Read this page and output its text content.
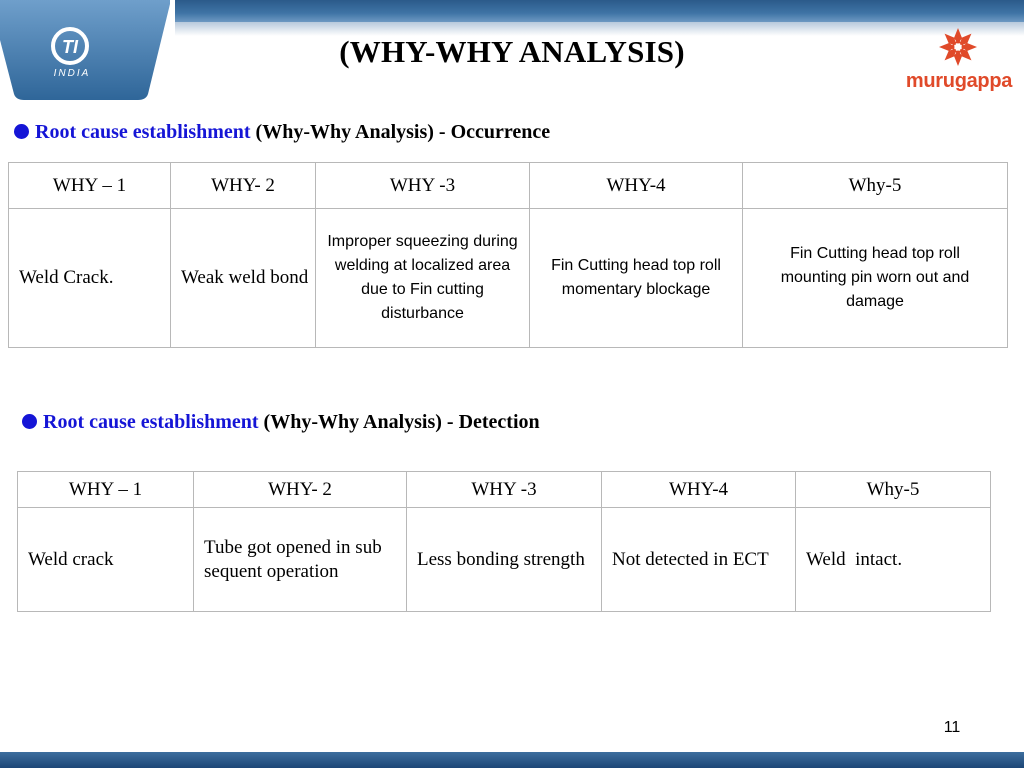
TI
INDIA
(WHY-WHY ANALYSIS)
murugappa
Root cause establishment (Why-Why Analysis) - Occurrence
WHY – 1	WHY- 2	WHY -3	WHY-4	Why-5
Weld Crack.	Weak weld bond	Improper squeezing during welding at localized area due to Fin cutting disturbance	Fin Cutting head top roll momentary blockage	Fin Cutting head top roll mounting pin worn out and damage
Root cause establishment (Why-Why Analysis) - Detection
WHY – 1	WHY- 2	WHY -3	WHY-4	Why-5
Weld crack	Tube got opened in sub sequent operation	Less bonding strength	Not detected in ECT	Weld  intact.
11
